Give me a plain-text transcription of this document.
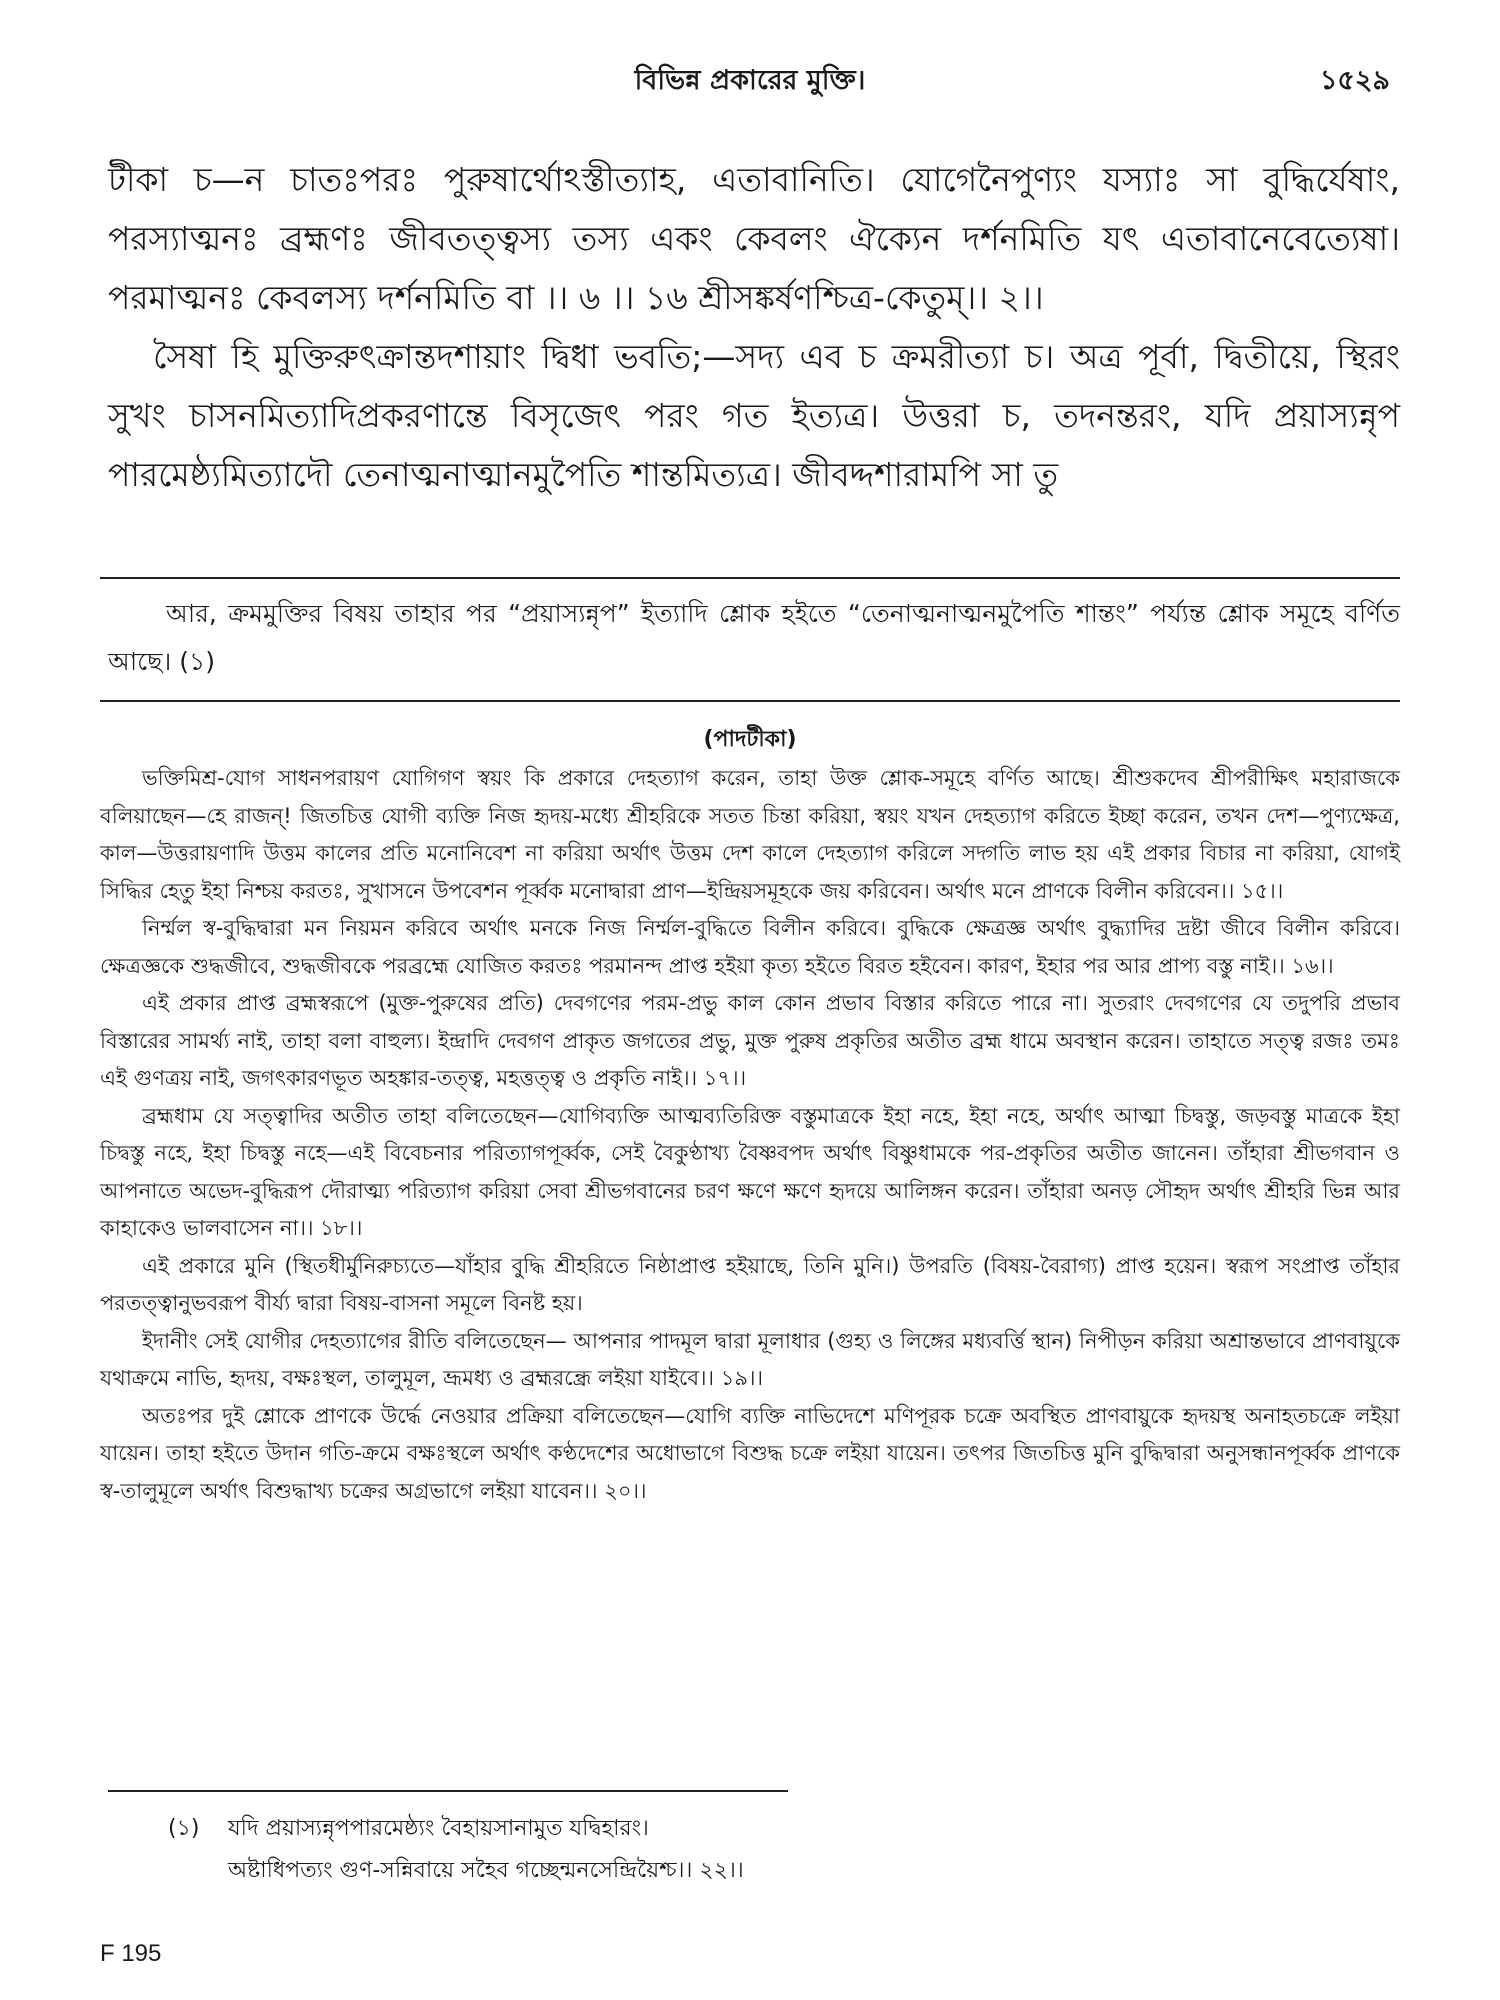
বিভিন্ন প্রকারের মুক্তি।	১৫২৯

টীকা চ—ন চাতঃপরঃ পুরুষার্থোঽস্তীত্যাহ, এতাবানিতি। যোগেনৈপুণ্যং যস্যাঃ সা বুদ্ধির্যেষাং, পরস্যাত্মনঃ ব্রহ্মণঃ জীবতত্ত্বস্য তস্য একং কেবলং ঐক্যেন দর্শনমিতি যৎ এতাবানেবেত্যেষা। পরমাত্মনঃ কেবলস্য দর্শনমিতি বা ।। ৬ ।। ১৬ শ্রীসঙ্কর্ষণশ্চিত্র-কেতুম্।। ২।।

সৈষা হি মুক্তিরুৎক্রান্তদশায়াং দ্বিধা ভবতি;—সদ্য এব চ ক্রমরীত্যা চ। অত্র পূর্বা, দ্বিতীয়ে, স্থিরং সুখং চাসনমিত্যাদিপ্রকরণান্তে বিসৃজেৎ পরং গত ইত্যত্র। উত্তরা চ, তদনন্তরং, যদি প্রয়াস্যন্নৃপ পারমেষ্ঠ্যমিত্যাদৌ তেনাত্মনাত্মানমুপৈতি শান্তমিত্যত্র। জীবদ্দশারামপি সা তু

আর, ক্রমমুক্তির বিষয় তাহার পর “প্রয়াস্যন্নৃপ” ইত্যাদি শ্লোক হইতে “তেনাত্মনাত্মনমুপৈতি শান্তং” পর্য্যন্ত শ্লোক সমূহে বর্ণিত আছে। (১)

(পাদটীকা)

ভক্তিমিশ্র-যোগ সাধনপরায়ণ যোগিগণ স্বয়ং কি প্রকারে দেহত্যাগ করেন, তাহা উক্ত শ্লোক-সমূহে বর্ণিত আছে। শ্রীশুকদেব শ্রীপরীক্ষিৎ মহারাজকে বলিয়াছেন—হে রাজন্! জিতচিত্ত যোগী ব্যক্তি নিজ হৃদয়-মধ্যে শ্রীহরিকে সতত চিন্তা করিয়া, স্বয়ং যখন দেহত্যাগ করিতে ইচ্ছা করেন, তখন দেশ—পুণ্যক্ষেত্র, কাল—উত্তরায়ণাদি উত্তম কালের প্রতি মনোনিবেশ না করিয়া অর্থাৎ উত্তম দেশ কালে দেহত্যাগ করিলে সদ্গতি লাভ হয় এই প্রকার বিচার না করিয়া, যোগই সিদ্ধির হেতু ইহা নিশ্চয় করতঃ, সুখাসনে উপবেশন পূর্ব্বক মনোদ্বারা প্রাণ—ইন্দ্রিয়সমূহকে জয় করিবেন। অর্থাৎ মনে প্রাণকে বিলীন করিবেন।। ১৫।।

নির্ম্মল স্ব-বুদ্ধিদ্বারা মন নিয়মন করিবে অর্থাৎ মনকে নিজ নির্ম্মল-বুদ্ধিতে বিলীন করিবে। বুদ্ধিকে ক্ষেত্রজ্ঞ অর্থাৎ বুদ্ধ্যাদির দ্রষ্টা জীবে বিলীন করিবে। ক্ষেত্রজ্ঞকে শুদ্ধজীবে, শুদ্ধজীবকে পরব্রহ্মে যোজিত করতঃ পরমানন্দ প্রাপ্ত হইয়া কৃত্য হইতে বিরত হইবেন। কারণ, ইহার পর আর প্রাপ্য বস্তু নাই।। ১৬।।

এই প্রকার প্রাপ্ত ব্রহ্মস্বরূপে (মুক্ত-পুরুষের প্রতি) দেবগণের পরম-প্রভু কাল কোন প্রভাব বিস্তার করিতে পারে না। সুতরাং দেবগণের যে তদুপরি প্রভাব বিস্তারের সামর্থ্য নাই, তাহা বলা বাহুল্য। ইন্দ্রাদি দেবগণ প্রাকৃত জগতের প্রভু, মুক্ত পুরুষ প্রকৃতির অতীত ব্রহ্ম ধামে অবস্থান করেন। তাহাতে সত্ত্ব রজঃ তমঃ এই গুণত্রয় নাই, জগৎকারণভূত অহঙ্কার-তত্ত্ব, মহত্তত্ত্ব ও প্রকৃতি নাই।। ১৭।।

ব্রহ্মধাম যে সত্ত্বাদির অতীত তাহা বলিতেছেন—যোগিব্যক্তি আত্মব্যতিরিক্ত বস্তুমাত্রকে ইহা নহে, ইহা নহে, অর্থাৎ আত্মা চিদ্বস্তু, জড়বস্তু মাত্রকে ইহা চিদ্বস্তু নহে, ইহা চিদ্বস্তু নহে—এই বিবেচনার পরিত্যাগপূর্ব্বক, সেই বৈকুণ্ঠাখ্য বৈষ্ণবপদ অর্থাৎ বিষ্ণুধামকে পর-প্রকৃতির অতীত জানেন। তাঁহারা শ্রীভগবান ও আপনাতে অভেদ-বুদ্ধিরূপ দৌরাত্ম্য পরিত্যাগ করিয়া সেবা শ্রীভগবানের চরণ ক্ষণে ক্ষণে হৃদয়ে আলিঙ্গন করেন। তাঁহারা অনড় সৌহৃদ অর্থাৎ শ্রীহরি ভিন্ন আর কাহাকেও ভালবাসেন না।। ১৮।।

এই প্রকারে মুনি (স্থিতধীর্মুনিরুচ্যতে—যাঁহার বুদ্ধি শ্রীহরিতে নিষ্ঠাপ্রাপ্ত হইয়াছে, তিনি মুনি।) উপরতি (বিষয়-বৈরাগ্য) প্রাপ্ত হয়েন। স্বরূপ সংপ্রাপ্ত তাঁহার পরতত্ত্বানুভবরূপ বীর্য্য দ্বারা বিষয়-বাসনা সমূলে বিনষ্ট হয়।

ইদানীং সেই যোগীর দেহত্যাগের রীতি বলিতেছেন— আপনার পাদমূল দ্বারা মূলাধার (গুহ্য ও লিঙ্গের মধ্যবর্ত্তি স্থান) নিপীড়ন করিয়া অশ্রান্তভাবে প্রাণবায়ুকে যথাক্রমে নাভি, হৃদয়, বক্ষঃস্থল, তালুমূল, ভ্রূমধ্য ও ব্রহ্মরন্ধ্রে লইয়া যাইবে।। ১৯।।

অতঃপর দুই শ্লোকে প্রাণকে উর্দ্ধে নেওয়ার প্রক্রিয়া বলিতেছেন—যোগি ব্যক্তি নাভিদেশে মণিপূরক চক্রে অবস্থিত প্রাণবায়ুকে হৃদয়স্থ অনাহতচক্রে লইয়া যায়েন। তাহা হইতে উদান গতি-ক্রমে বক্ষঃস্থলে অর্থাৎ কণ্ঠদেশের অধোভাগে বিশুদ্ধ চক্রে লইয়া যায়েন। তৎপর জিতচিত্ত মুনি বুদ্ধিদ্বারা অনুসন্ধানপূর্ব্বক প্রাণকে স্ব-তালুমূলে অর্থাৎ বিশুদ্ধাখ্য চক্রের অগ্রভাগে লইয়া যাবেন।। ২০।।

(১) যদি প্রয়াস্যন্নৃপপারমেষ্ঠ্যং বৈহায়সানামুত যদ্বিহারং।
অষ্টাধিপত্যং গুণ-সন্নিবায়ে সহৈব গচ্ছেন্মনসেন্দ্রিয়ৈশ্চ।। ২২।।
F 195
